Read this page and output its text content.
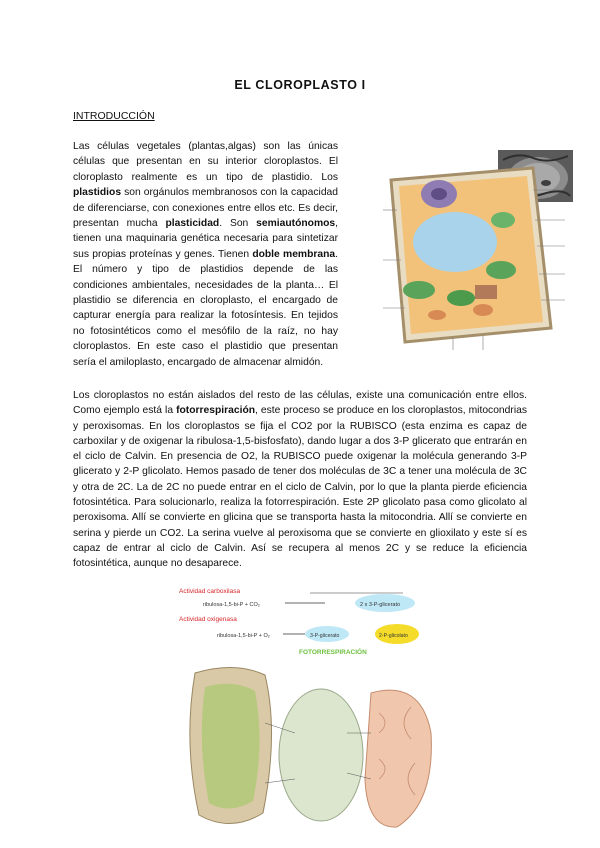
EL CLOROPLASTO I
INTRODUCCIÓN
Las células vegetales (plantas,algas) son las únicas células que presentan en su interior cloroplastos. El cloroplasto realmente es un tipo de plastidio. Los plastidios son orgánulos membranosos con la capacidad de diferenciarse, con conexiones entre ellos etc. Es decir, presentan mucha plasticidad. Son semiautónomos, tienen una maquinaria genética necesaria para sintetizar sus propias proteínas y genes. Tienen doble membrana. El número y tipo de plastidios depende de las condiciones ambientales, necesidades de la planta… El plastidio se diferencia en cloroplasto, el encargado de capturar energía para realizar la fotosíntesis. En tejidos no fotosintéticos como el mesófilo de la raíz, no hay cloroplastos. En este caso el plastidio que presentan sería el amiloplasto, encargado de almacenar almidón.
Los cloroplastos no están aislados del resto de las células, existe una comunicación entre ellos. Como ejemplo está la fotorrespiración, este proceso se produce en los cloroplastos, mitocondrias y peroxisomas. En los cloroplastos se fija el CO2 por la RUBISCO (esta enzima es capaz de carboxilar y de oxigenar la ribulosa-1,5-bisfosfato), dando lugar a dos 3-P glicerato que entrarán en el ciclo de Calvin. En presencia de O2, la RUBISCO puede oxigenar la molécula generando 3-P glicerato y 2-P glicolato. Hemos pasado de tener dos moléculas de 3C a tener una molécula de 3C y otra de 2C. La de 2C no puede entrar en el ciclo de Calvin, por lo que la planta pierde eficiencia fotosintética. Para solucionarlo, realiza la fotorrespiración. Este 2P glicolato pasa como glicolato al peroxisoma. Allí se convierte en glicina que se transporta hasta la mitocondria. Allí se convierte en serina y pierde un CO2. La serina vuelve al peroxisoma que se convierte en glioxilato y este sí es capaz de entrar al ciclo de Calvin. Así se recupera al menos 2C y se reduce la eficiencia fotosintética, aunque no desaparece.
Actividad carboxilasa
ribulosa-1,5-bi-P + CO₂	2 x 3-P-glicerato
Actividad oxigenasa
ribulosa-1,5-bi-P + O₂	3-P-glicerato	2-P-glicolato
FOTORRESPIRACIÓN
